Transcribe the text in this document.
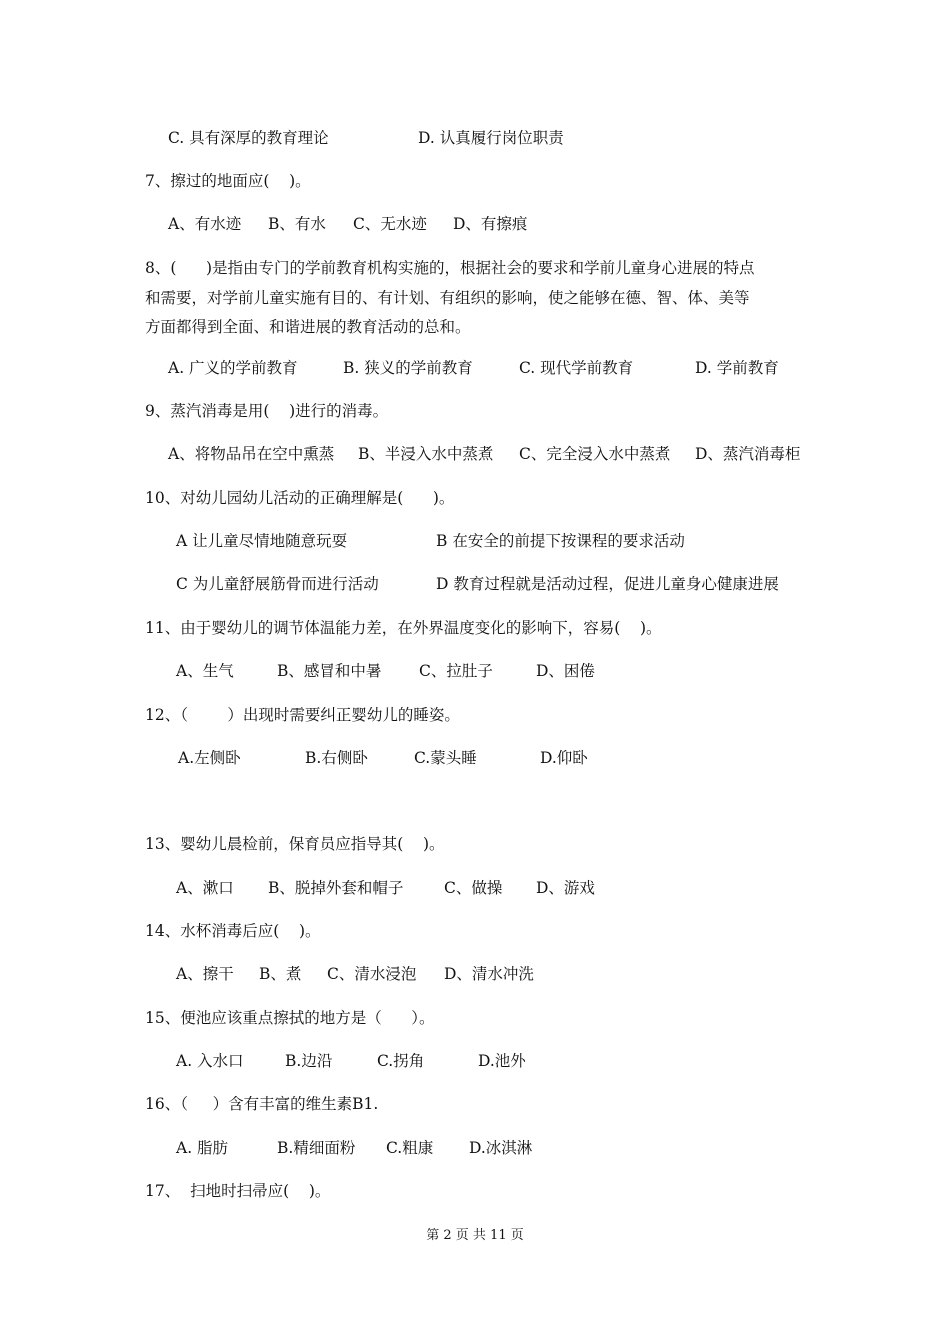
C. 具有深厚的教育理论	D. 认真履行岗位职责
7、擦过的地面应(    )。
A、有水迹 B、有水 C、无水迹 D、有擦痕
8、(      )是指由专门的学前教育机构实施的，根据社会的要求和学前儿童身心进展的特点
和需要，对学前儿童实施有目的、有计划、有组织的影响，使之能够在德、智、体、美等
方面都得到全面、和谐进展的教育活动的总和。
A. 广义的学前教育	B. 狭义的学前教育	C. 现代学前教育	D. 学前教育
9、蒸汽消毒是用(    )进行的消毒。
A、将物品吊在空中熏蒸 B、半浸入水中蒸煮 C、完全浸入水中蒸煮 D、蒸汽消毒柜
10、对幼儿园幼儿活动的正确理解是(      )。
A 让儿童尽情地随意玩耍	B 在安全的前提下按课程的要求活动
C 为儿童舒展筋骨而进行活动	D 教育过程就是活动过程，促进儿童身心健康进展
11、由于婴幼儿的调节体温能力差，在外界温度变化的影响下，容易(    )。
A、生气	B、感冒和中暑 C、拉肚子	D、困倦
12、（        ）出现时需要纠正婴幼儿的睡姿。
A.左侧卧	B.右侧卧	C.蒙头睡	D.仰卧
13、婴幼儿晨检前，保育员应指导其(    )。
A、漱口 B、脱掉外套和帽子	C、做操 D、游戏
14、水杯消毒后应(    )。
A、擦干 B、煮 C、清水浸泡 D、清水冲洗
15、便池应该重点擦拭的地方是（      ）。
A. 入水口	B.边沿	C.拐角	D.池外
16、（     ）含有丰富的维生素B1.
A. 脂肪	B.精细面粉 C.粗康 D.冰淇淋
17、  扫地时扫帚应(    )。
第 2 页 共 11 页
